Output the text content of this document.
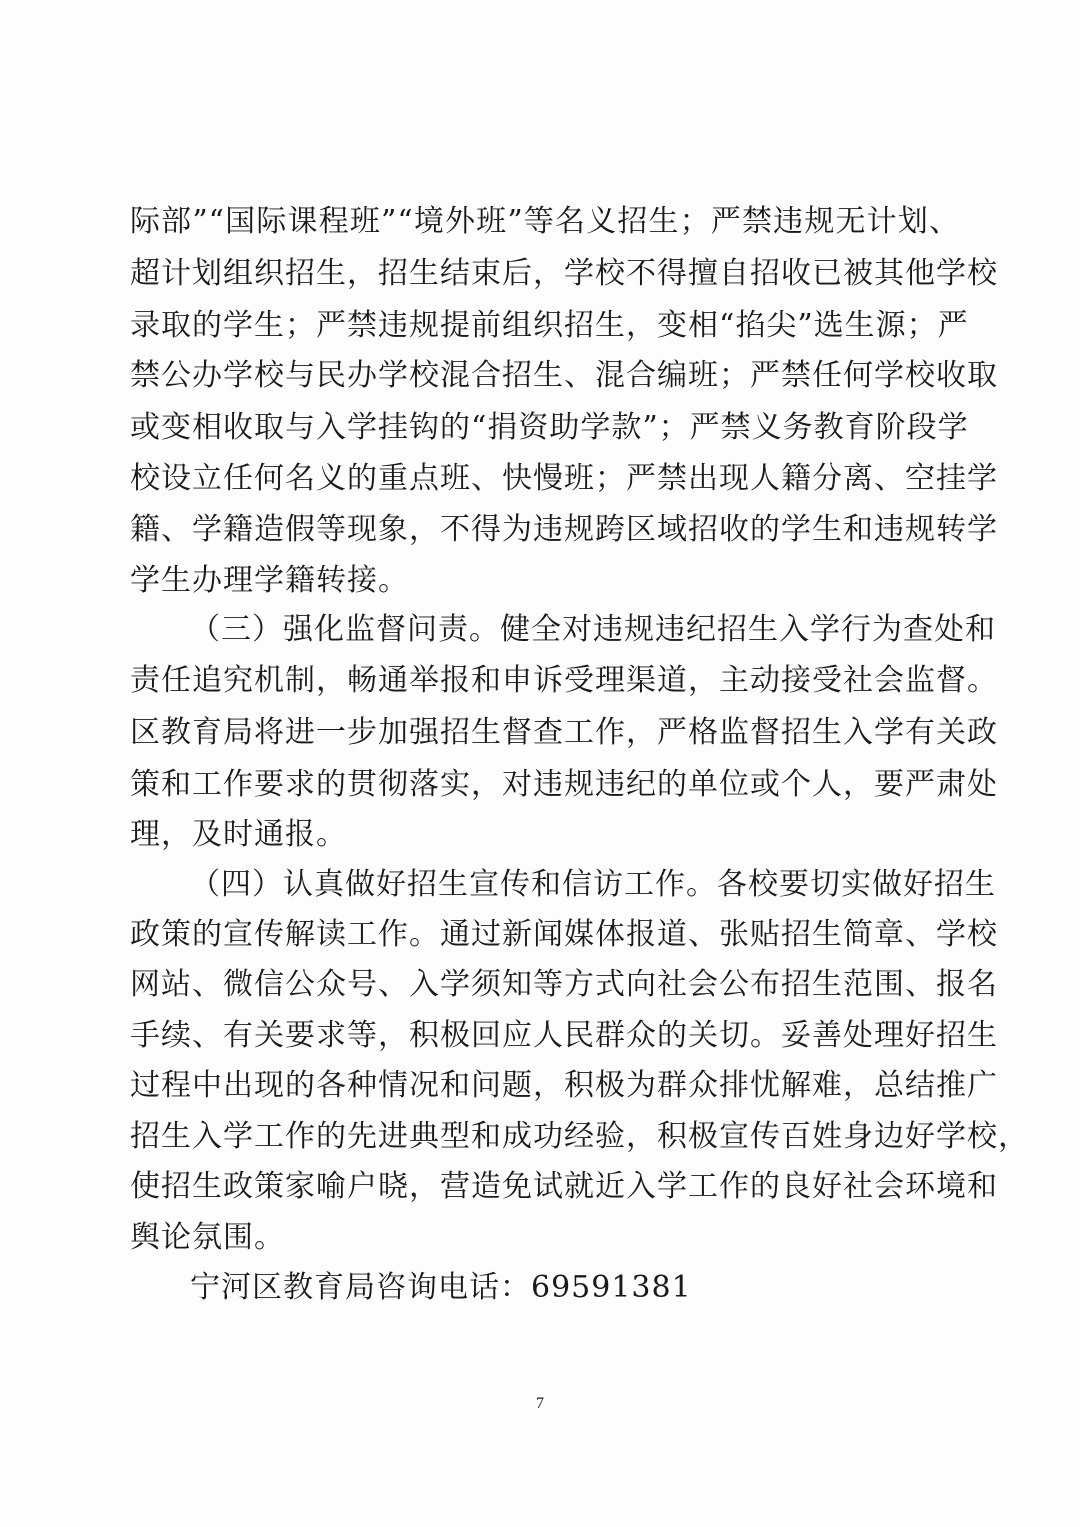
际部”“国际课程班”“境外班”等名义招生；严禁违规无计划、
超计划组织招生，招生结束后，学校不得擅自招收已被其他学校
录取的学生；严禁违规提前组织招生，变相“掐尖”选生源；严
禁公办学校与民办学校混合招生、混合编班；严禁任何学校收取
或变相收取与入学挂钩的“捐资助学款”；严禁义务教育阶段学
校设立任何名义的重点班、快慢班；严禁出现人籍分离、空挂学
籍、学籍造假等现象，不得为违规跨区域招收的学生和违规转学
学生办理学籍转接。
（三）强化监督问责。健全对违规违纪招生入学行为查处和
责任追究机制，畅通举报和申诉受理渠道，主动接受社会监督。
区教育局将进一步加强招生督查工作，严格监督招生入学有关政
策和工作要求的贯彻落实，对违规违纪的单位或个人，要严肃处
理，及时通报。
（四）认真做好招生宣传和信访工作。各校要切实做好招生
政策的宣传解读工作。通过新闻媒体报道、张贴招生简章、学校
网站、微信公众号、入学须知等方式向社会公布招生范围、报名
手续、有关要求等，积极回应人民群众的关切。妥善处理好招生
过程中出现的各种情况和问题，积极为群众排忧解难，总结推广
招生入学工作的先进典型和成功经验，积极宣传百姓身边好学校，
使招生政策家喻户晓，营造免试就近入学工作的良好社会环境和
舆论氛围。
宁河区教育局咨询电话：69591381
7
